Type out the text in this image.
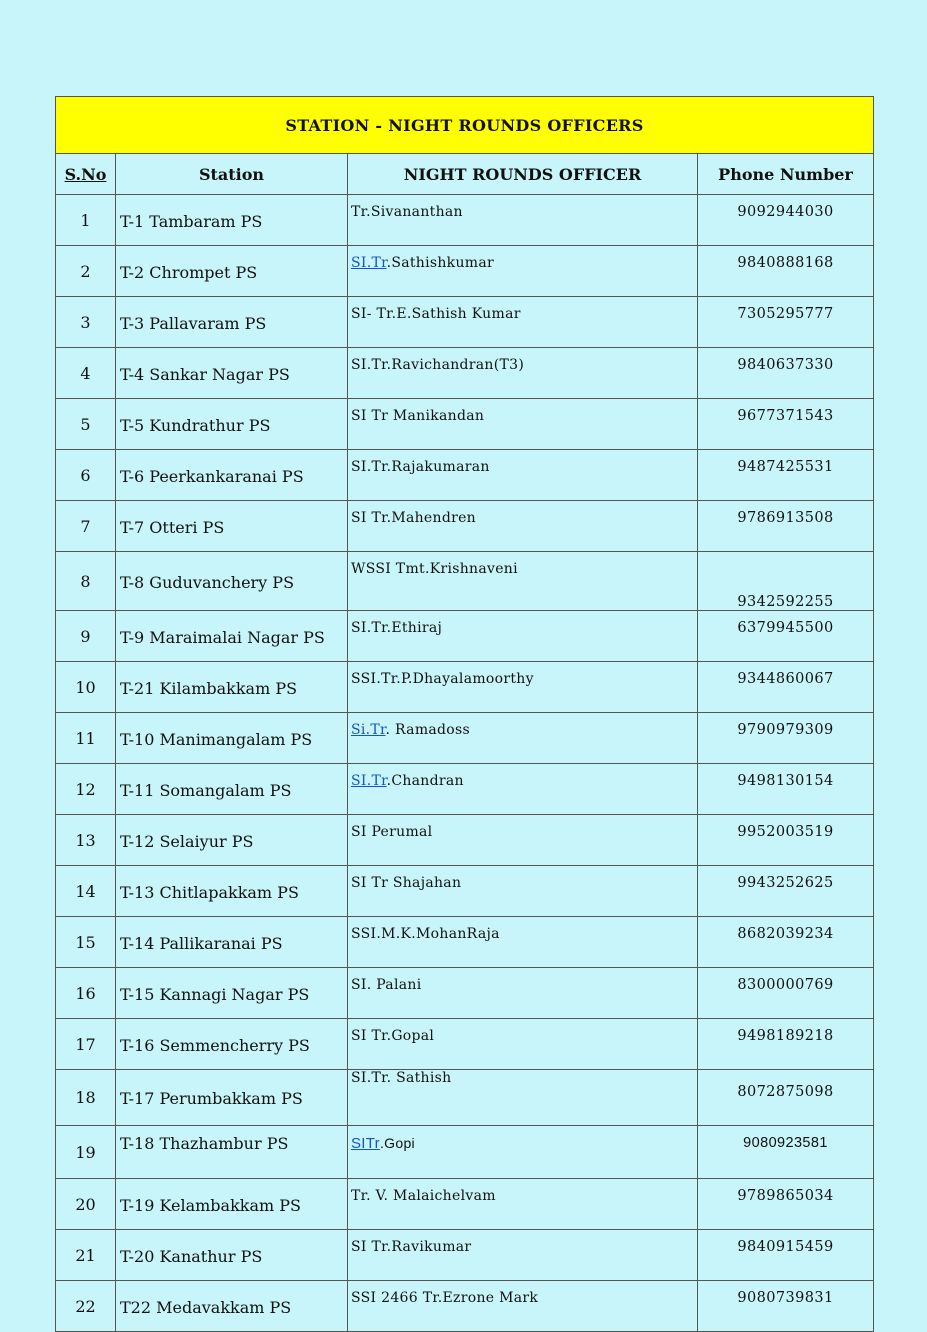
STATION - NIGHT ROUNDS OFFICERS			
S.No	Station	NIGHT ROUNDS OFFICER	Phone Number
1	T-1 Tambaram PS	Tr.Sivananthan	9092944030
2	T-2 Chrompet PS	SI.Tr.Sathishkumar	9840888168
3	T-3 Pallavaram PS	SI- Tr.E.Sathish Kumar	7305295777
4	T-4 Sankar Nagar PS	SI.Tr.Ravichandran(T3)	9840637330
5	T-5 Kundrathur PS	SI Tr Manikandan	9677371543
6	T-6 Peerkankaranai PS	SI.Tr.Rajakumaran	9487425531
7	T-7 Otteri PS	SI Tr.Mahendren	9786913508
8	T-8 Guduvanchery PS	WSSI Tmt.Krishnaveni	9342592255
9	T-9 Maraimalai Nagar PS	SI.Tr.Ethiraj	6379945500
10	T-21 Kilambakkam PS	SSI.Tr.P.Dhayalamoorthy	9344860067
11	T-10 Manimangalam PS	Si.Tr. Ramadoss	9790979309
12	T-11 Somangalam PS	SI.Tr.Chandran	9498130154
13	T-12 Selaiyur PS	SI Perumal	9952003519
14	T-13 Chitlapakkam PS	SI Tr Shajahan	9943252625
15	T-14 Pallikaranai PS	SSI.M.K.MohanRaja	8682039234
16	T-15 Kannagi Nagar PS	SI. Palani	8300000769
17	T-16 Semmencherry PS	SI Tr.Gopal	9498189218
18	T-17 Perumbakkam PS	SI.Tr. Sathish	8072875098
19	T-18 Thazhambur PS	SITr.Gopi	9080923581
20	T-19 Kelambakkam PS	Tr. V. Malaichelvam	9789865034
21	T-20 Kanathur PS	SI Tr.Ravikumar	9840915459
22	T22 Medavakkam PS	SSI 2466 Tr.Ezrone Mark	9080739831
